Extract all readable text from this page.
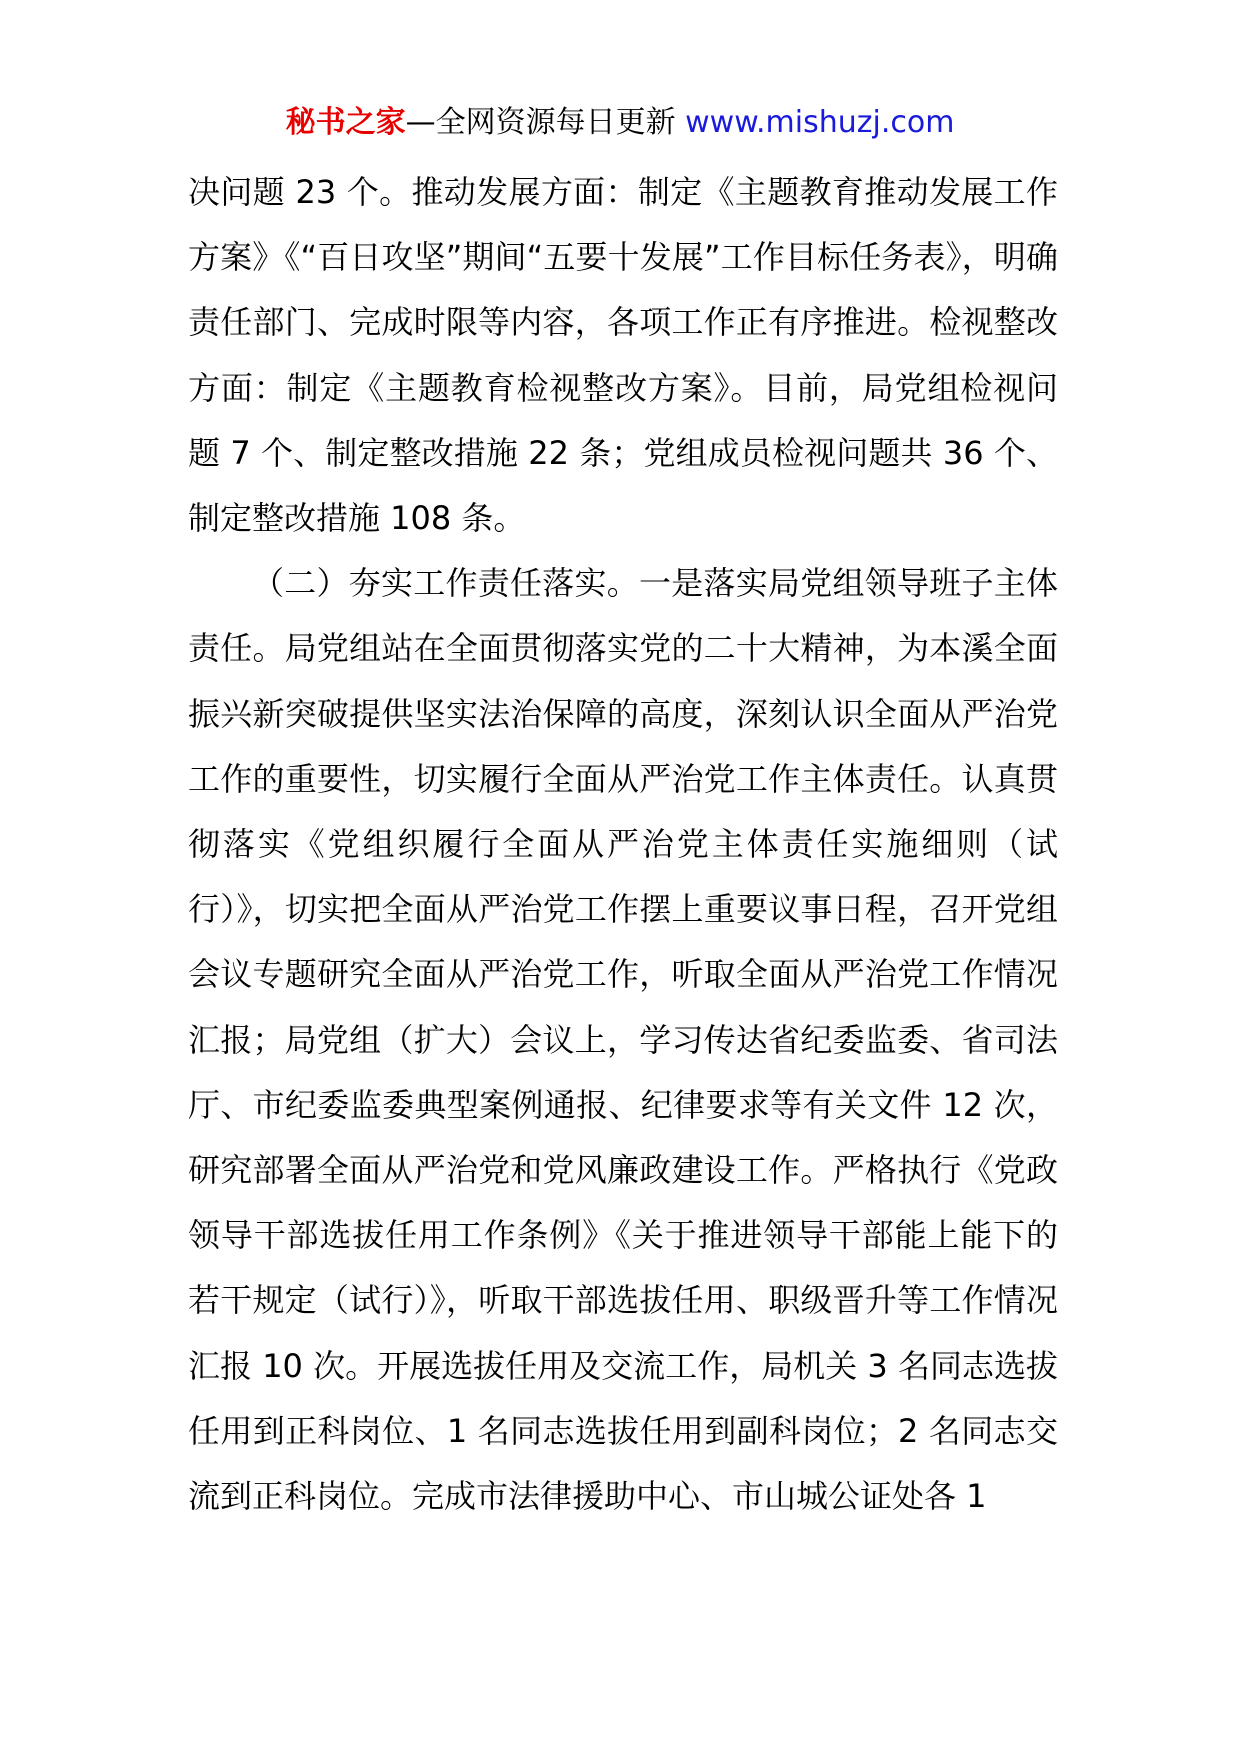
秘书之家—全网资源每日更新 www.mishuzj.com

决问题 23 个。推动发展方面：制定《主题教育推动发展工作方案》《“百日攻坚”期间“五要十发展”工作目标任务表》，明确责任部门、完成时限等内容，各项工作正有序推进。检视整改方面：制定《主题教育检视整改方案》。目前，局党组检视问题 7 个、制定整改措施 22 条；党组成员检视问题共 36 个、制定整改措施 108 条。

（二）夯实工作责任落实。一是落实局党组领导班子主体责任。局党组站在全面贯彻落实党的二十大精神，为本溪全面振兴新突破提供坚实法治保障的高度，深刻认识全面从严治党工作的重要性，切实履行全面从严治党工作主体责任。认真贯彻落实《党组织履行全面从严治党主体责任实施细则（试行）》，切实把全面从严治党工作摆上重要议事日程，召开党组会议专题研究全面从严治党工作，听取全面从严治党工作情况汇报；局党组（扩大）会议上，学习传达省纪委监委、省司法厅、市纪委监委典型案例通报、纪律要求等有关文件 12 次，研究部署全面从严治党和党风廉政建设工作。严格执行《党政领导干部选拔任用工作条例》《关于推进领导干部能上能下的若干规定（试行）》，听取干部选拔任用、职级晋升等工作情况汇报 10 次。开展选拔任用及交流工作，局机关 3 名同志选拔任用到正科岗位、1 名同志选拔任用到副科岗位；2 名同志交流到正科岗位。完成市法律援助中心、市山城公证处各 1
